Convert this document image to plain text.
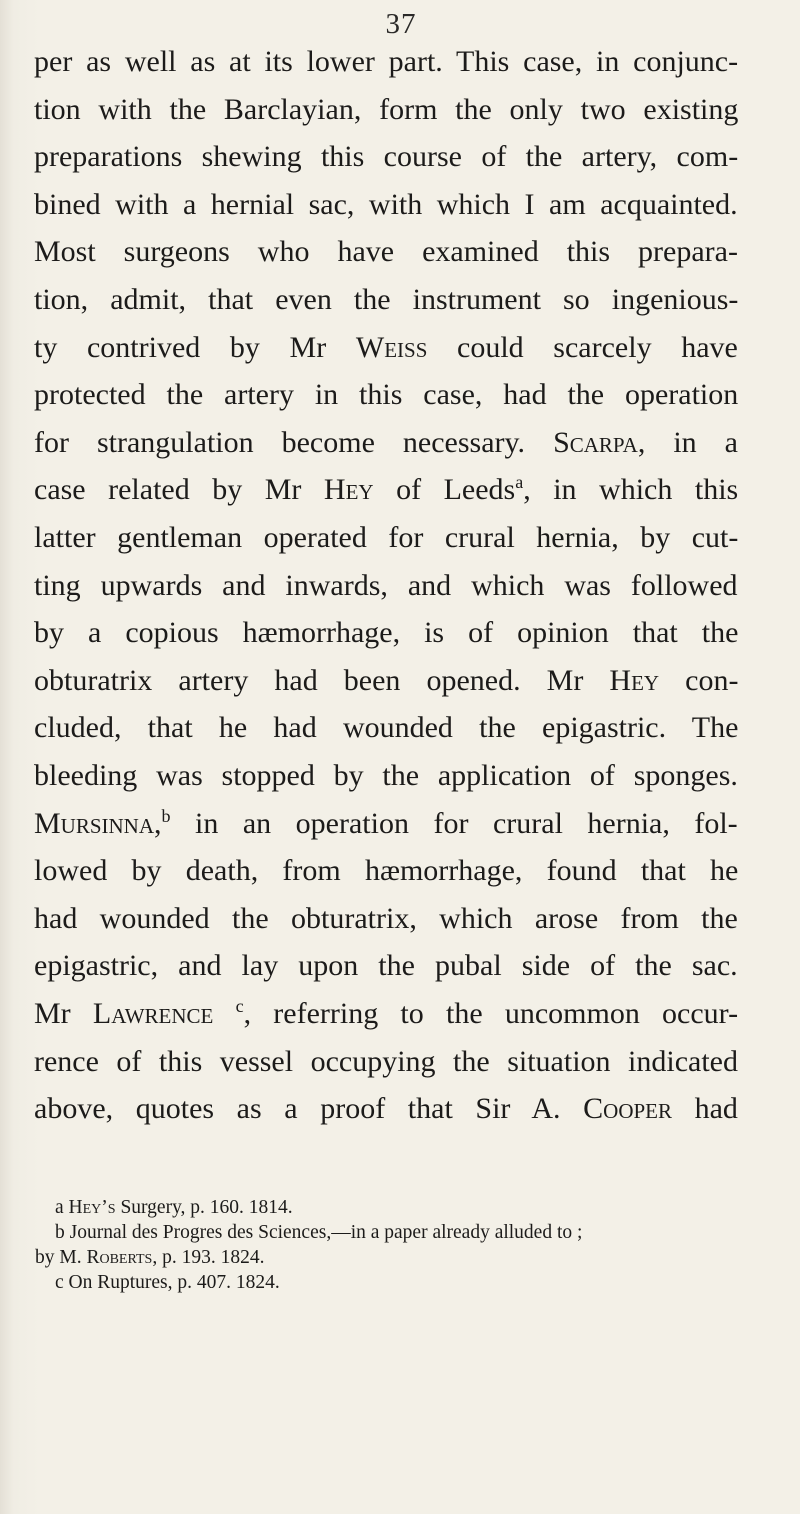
37
per as well as at its lower part. This case, in conjunc-
tion with the Barclayian, form the only two existing
preparations shewing this course of the artery, com-
bined with a hernial sac, with which I am acquainted.
Most surgeons who have examined this prepara-
tion, admit, that even the instrument so ingenious-
ty contrived by Mr Weiss could scarcely have
protected the artery in this case, had the operation
for strangulation become necessary. Scarpa, in a
case related by Mr Hey of Leeds$^a$, in which this
latter gentleman operated for crural hernia, by cut-
ting upwards and inwards, and which was followed
by a copious hæmorrhage, is of opinion that the
obturatrix artery had been opened. Mr Hey con-
cluded, that he had wounded the epigastric. The
bleeding was stopped by the application of sponges.
Mursinna,$^b$ in an operation for crural hernia, fol-
lowed by death, from hæmorrhage, found that he
had wounded the obturatrix, which arose from the
epigastric, and lay upon the pubal side of the sac.
Mr Lawrence $^c$, referring to the uncommon occur-
rence of this vessel occupying the situation indicated
above, quotes as a proof that Sir A. Cooper had
a Hey’s Surgery, p. 160. 1814.
b Journal des Progres des Sciences,—in a paper already alluded to ;
by M. Roberts, p. 193. 1824.
c On Ruptures, p. 407. 1824.
